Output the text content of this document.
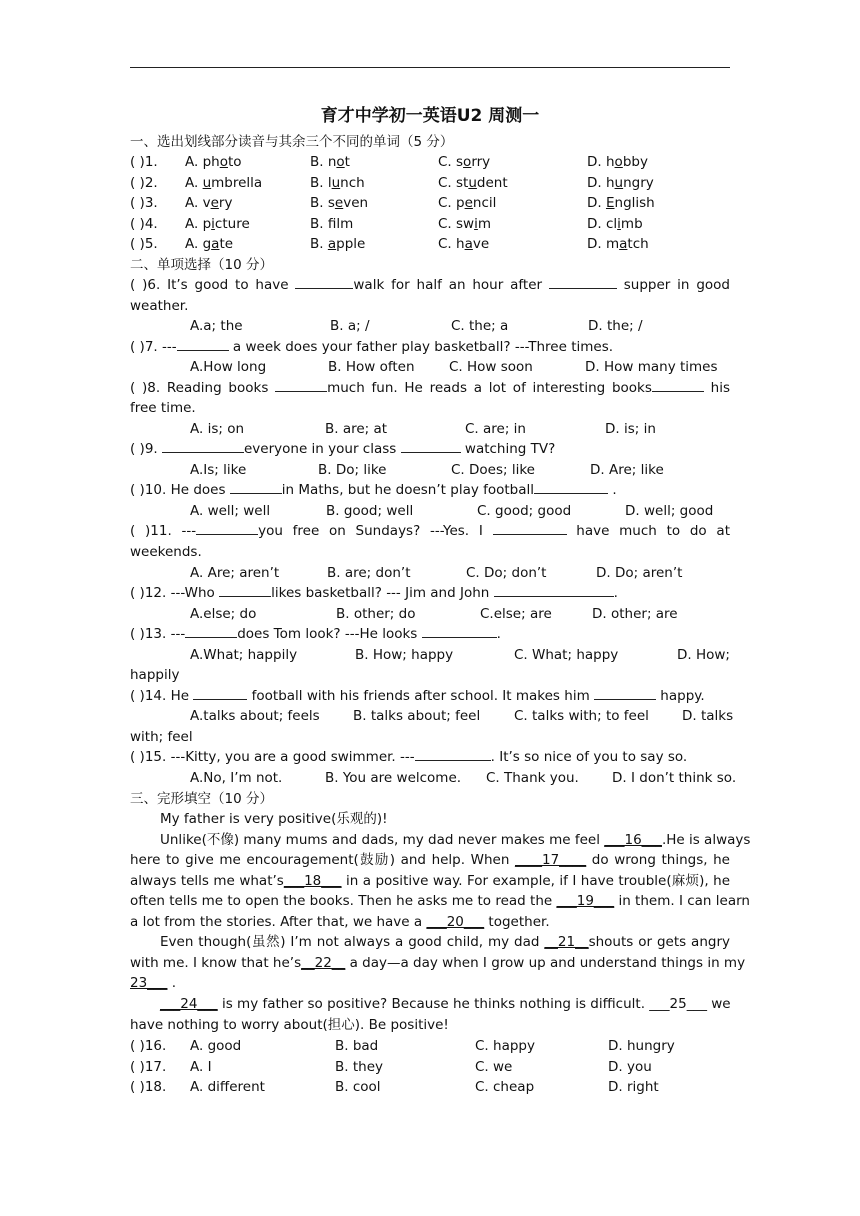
育才中学初一英语U2 周测一
一、选出划线部分读音与其余三个不同的单词（5 分）
( )1. A. photo	B. not	C. sorry	D. hobby
( )2. A. umbrella	B. lunch	C. student	D. hungry
( )3. A. very	B. seven	C. pencil	D. English
( )4. A. picture	B. flm	C. swim	D. climb
( )5. A. gate	B. apple	C. have	D. match
二、单项选择（10 分）
( )6. It’s good to have	walk for half an hour after	supper in good
weather.
A.a; the	B. a; /	C. the; a	D. the; /
( )7. ---	a week does your father play basketball? ---Three times.
A.How long	B. How often	C. How soon	D. How many times
( )8. Reading books	much fun. He reads a lot of interesting books	his
free time.
A. is; on	B. are; at	C. are; in	D. is; in
( )9.	everyone in your class	watching TV?
A.Is; like	B. Do; like	C. Does; like	D. Are; like
( )10. He does	in Maths, but he doesn’t play football	.
A. well; well	B. good; well	C. good; good	D. well; good
( )11. ---	you free on Sundays? ---Yes. I	have much to do at
weekends.
A. Are; aren’t	B. are; don’t	C. Do; don’t	D. Do; aren’t
( )12. ---Who	likes basketball? --- Jim and John	.
A.else; do	B. other; do	C.else; are	D. other; are
( )13. ---	does Tom look? ---He looks	.
A.What; happily	B. How; happy	C. What; happy	D. How;
happily
( )14. He	football with his friends after school. It makes him	happy.
A.talks about; feels B. talks about; feel	C. talks with; to feel D. talks
with; feel
( )15. ---Kitty, you are a good swimmer. ---	. It’s so nice of you to say so.
A.No, I’m not.	B. You are welcome. C. Thank you. D. I don’t think so.
三、完形填空（10 分）
My father is very positive(乐观的)!
Unlike(不像) many mums and dads, my dad never makes me feel ___16___.He is always
here to give me encouragement(鼓励) and help. When ____17____ do wrong things, he
always tells me what’s___18___ in a positive way. For example, if I have trouble(麻烦), he
often tells me to open the books. Then he asks me to read the ___19___ in them. I can learn
a lot from the stories. After that, we have a ___20___ together.
Even though(虽然) I’m not always a good child, my dad __21__shouts or gets angry
with me. I know that he’s__22__ a day—a day when I grow up and understand things in my
23___ .
___24___ is my father so positive? Because he thinks nothing is difficult. ___25___ we
have nothing to worry about(担心). Be positive!
( )16. A. good	B. bad	C. happy	D. hungry
( )17. A. I	B. they	C. we	D. you
( )18. A. different	B. cool	C. cheap	D. right
